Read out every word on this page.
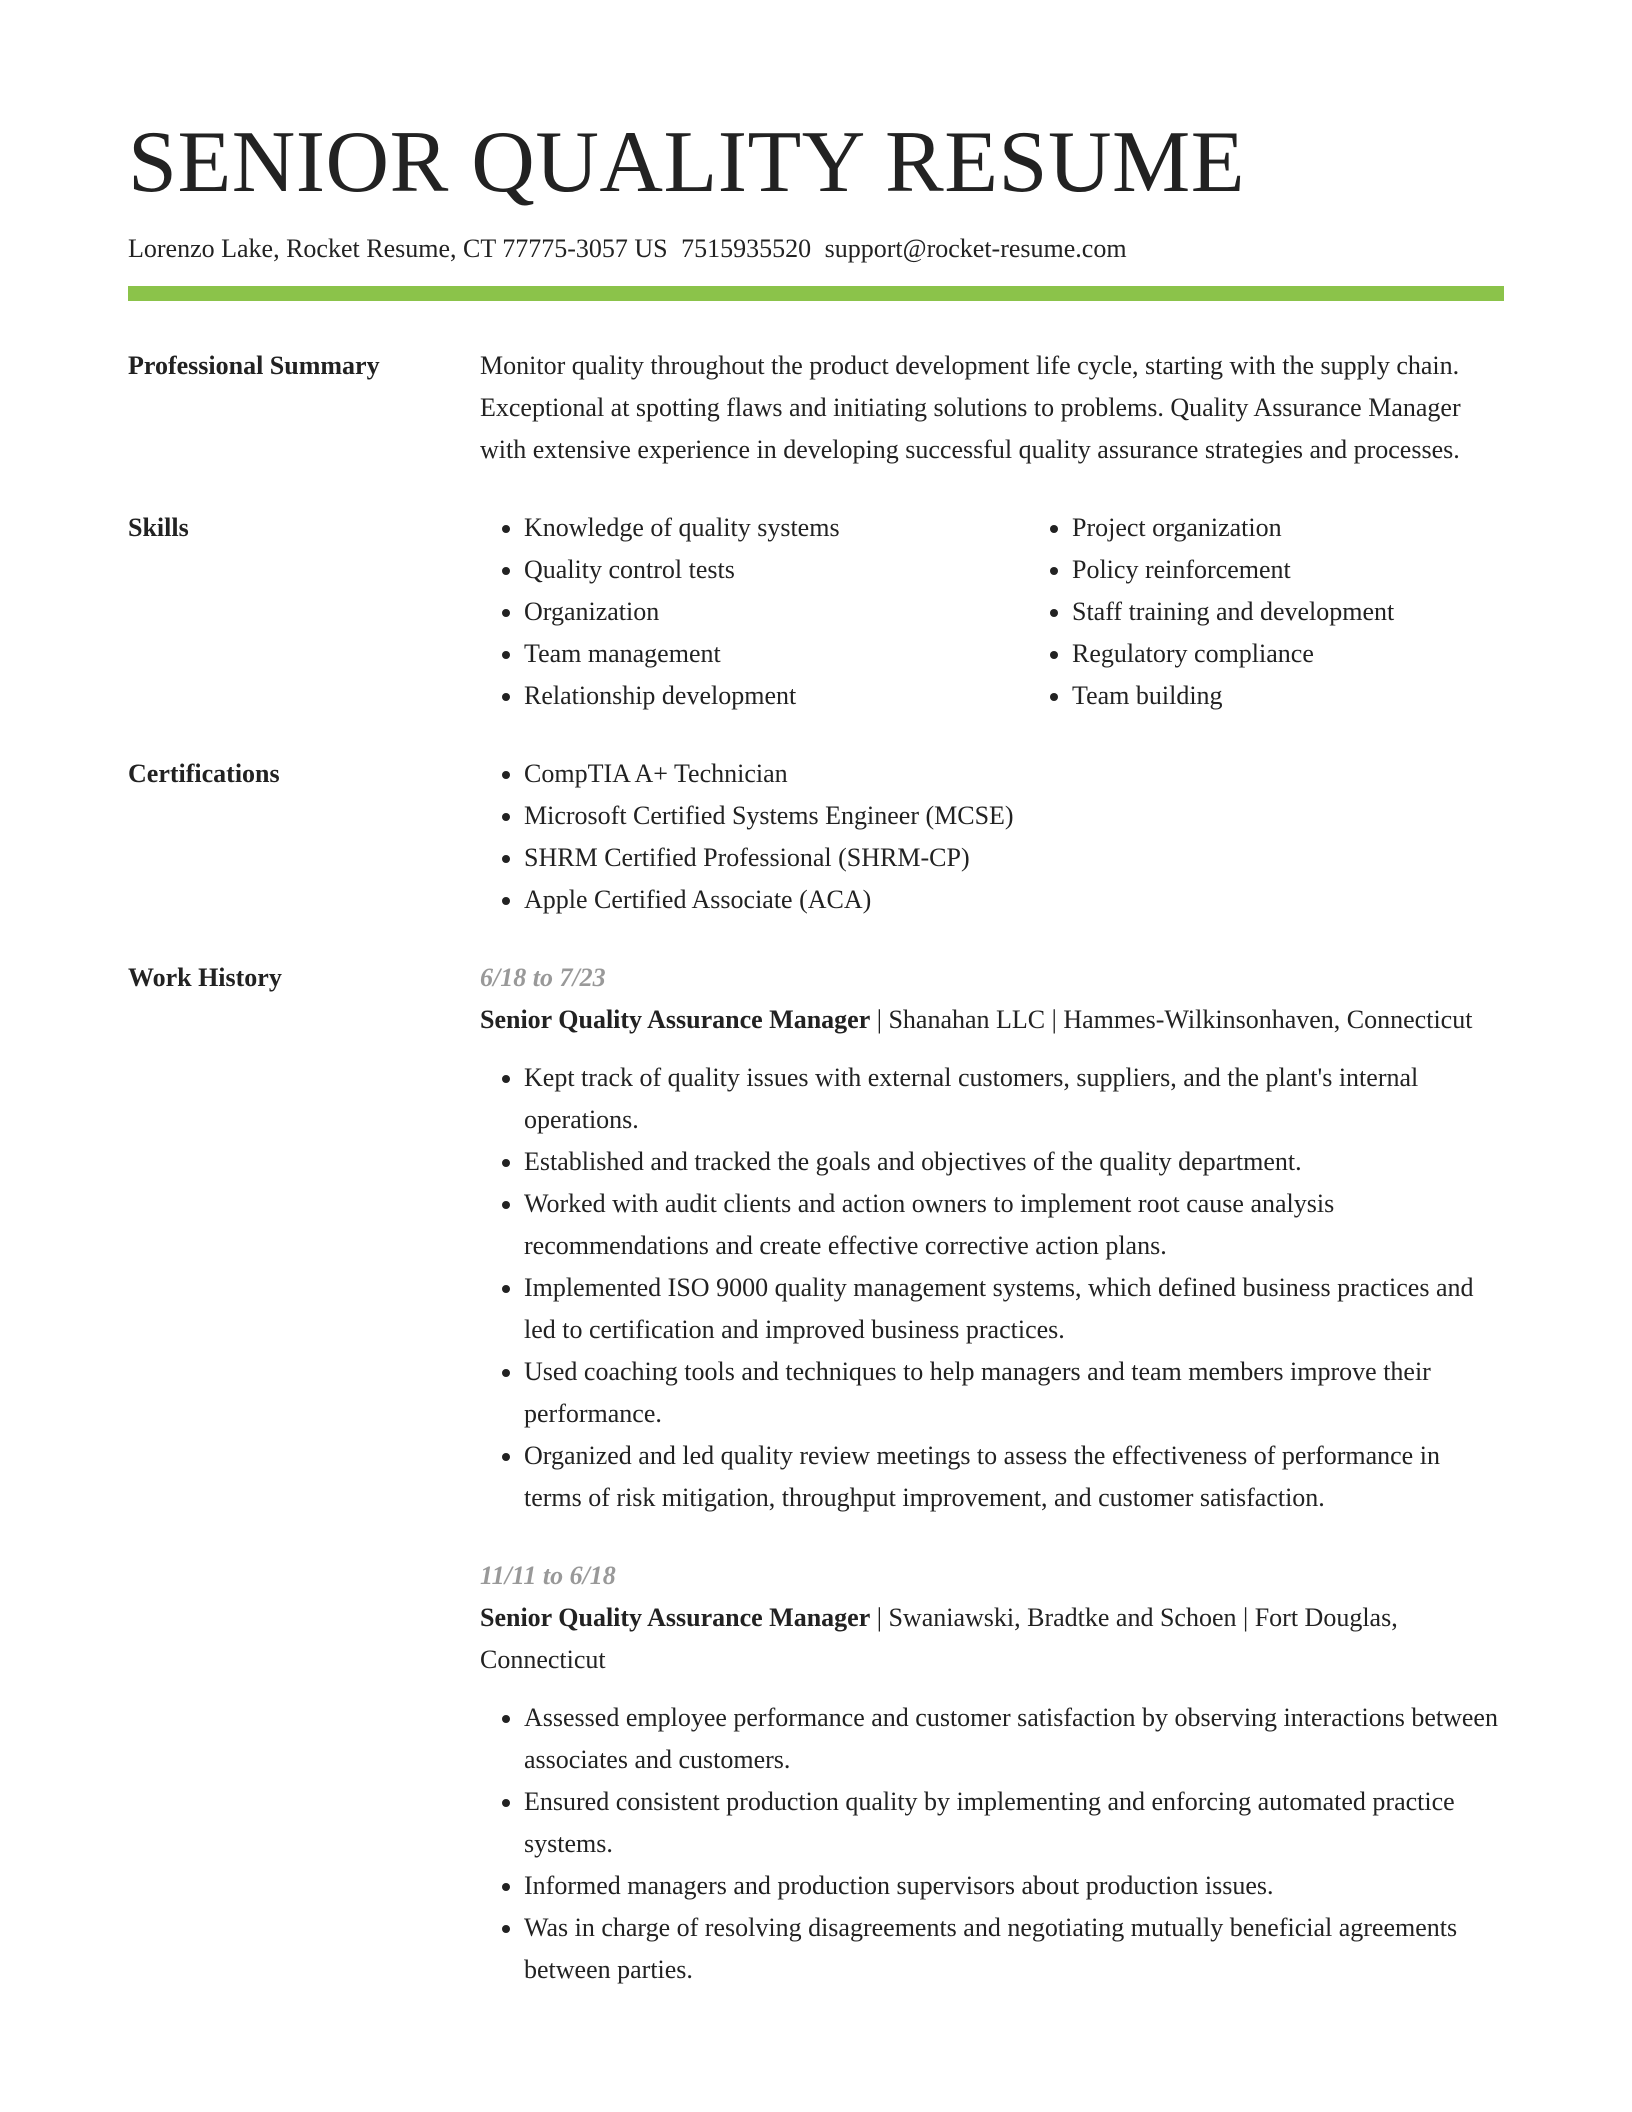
SENIOR QUALITY RESUME
Lorenzo Lake, Rocket Resume, CT 77775-3057 US 7515935520 support@rocket-resume.com
Professional Summary	Monitor quality throughout the product development life cycle, starting with the supply chain. Exceptional at spotting flaws and initiating solutions to problems. Quality Assurance Manager with extensive experience in developing successful quality assurance strategies and processes.

Skills	• Knowledge of quality systems
• Quality control tests
• Organization
• Team management
• Relationship development
• Project organization
• Policy reinforcement
• Staff training and development
• Regulatory compliance
• Team building
Certifications	• CompTIA A+ Technician
• Microsoft Certified Systems Engineer (MCSE)
• SHRM Certified Professional (SHRM-CP)
• Apple Certified Associate (ACA)
Work History	6/18 to 7/23
Senior Quality Assurance Manager | Shanahan LLC | Hammes-Wilkinsonhaven, Connecticut
• Kept track of quality issues with external customers, suppliers, and the plant's internal operations.
• Established and tracked the goals and objectives of the quality department.
• Worked with audit clients and action owners to implement root cause analysis recommendations and create effective corrective action plans.
• Implemented ISO 9000 quality management systems, which defined business practices and led to certification and improved business practices.
• Used coaching tools and techniques to help managers and team members improve their performance.
• Organized and led quality review meetings to assess the effectiveness of performance in terms of risk mitigation, throughput improvement, and customer satisfaction.
11/11 to 6/18
Senior Quality Assurance Manager | Swaniawski, Bradtke and Schoen | Fort Douglas, Connecticut
• Assessed employee performance and customer satisfaction by observing interactions between associates and customers.
• Ensured consistent production quality by implementing and enforcing automated practice systems.
• Informed managers and production supervisors about production issues.
• Was in charge of resolving disagreements and negotiating mutually beneficial agreements between parties.
